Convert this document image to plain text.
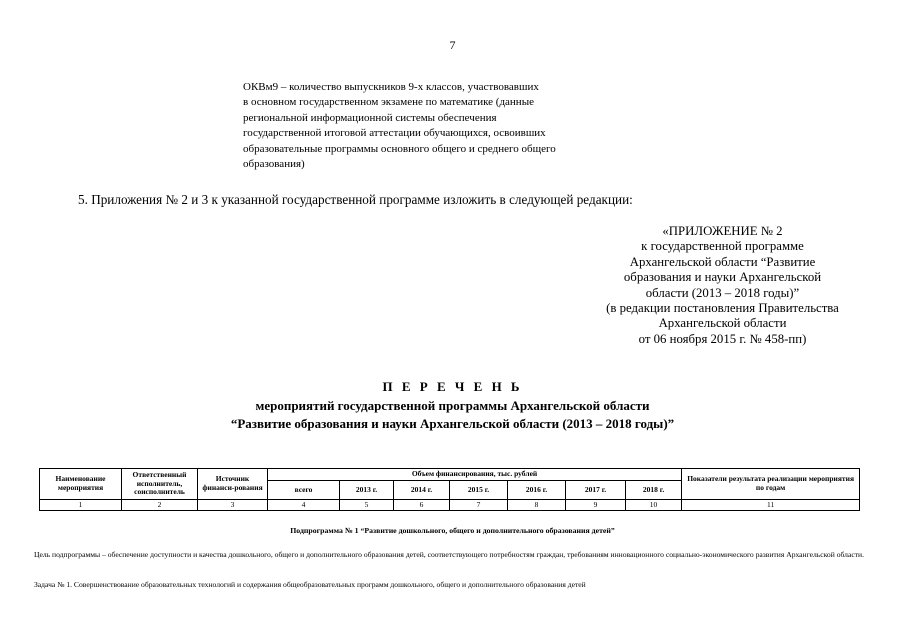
7
ОКВм9 – количество выпускников 9-х классов, участвовавших
в основном государственном экзамене по математике (данные
региональной информационной системы обеспечения
государственной итоговой аттестации обучающихся, освоивших
образовательные программы основного общего и среднего общего
образования)
5. Приложения № 2 и 3 к указанной государственной программе изложить в следующей редакции:
«ПРИЛОЖЕНИЕ № 2
к государственной программе
Архангельской области “Развитие
образования и науки Архангельской
области (2013 – 2018 годы)”
(в редакции постановления Правительства
Архангельской области
от 06 ноября 2015 г. № 458-пп)
П Е Р Е Ч Е Н Ь
мероприятий государственной программы Архангельской области
“Развитие образования и науки Архангельской области (2013 – 2018 годы)”
Наименование мероприятия	Ответственный исполнитель, соисполнитель	Источник финанси-рования	Объем финансирования, тыс. рублей							Показатели результата реализации мероприятия по годам
			всего	2013 г.	2014 г.	2015 г.	2016 г.	2017 г.	2018 г.	
1	2	3	4	5	6	7	8	9	10	11
Подпрограмма № 1 “Развитие дошкольного, общего и дополнительного образования детей”
Цель подпрограммы – обеспечение доступности и качества дошкольного, общего и дополнительного образования детей, соответствующего потребностям граждан, требованиям инновационного социально-экономического развития Архангельской области.
Задача № 1. Совершенствование образовательных технологий и содержания общеобразовательных программ дошкольного, общего и дополнительного образования детей
